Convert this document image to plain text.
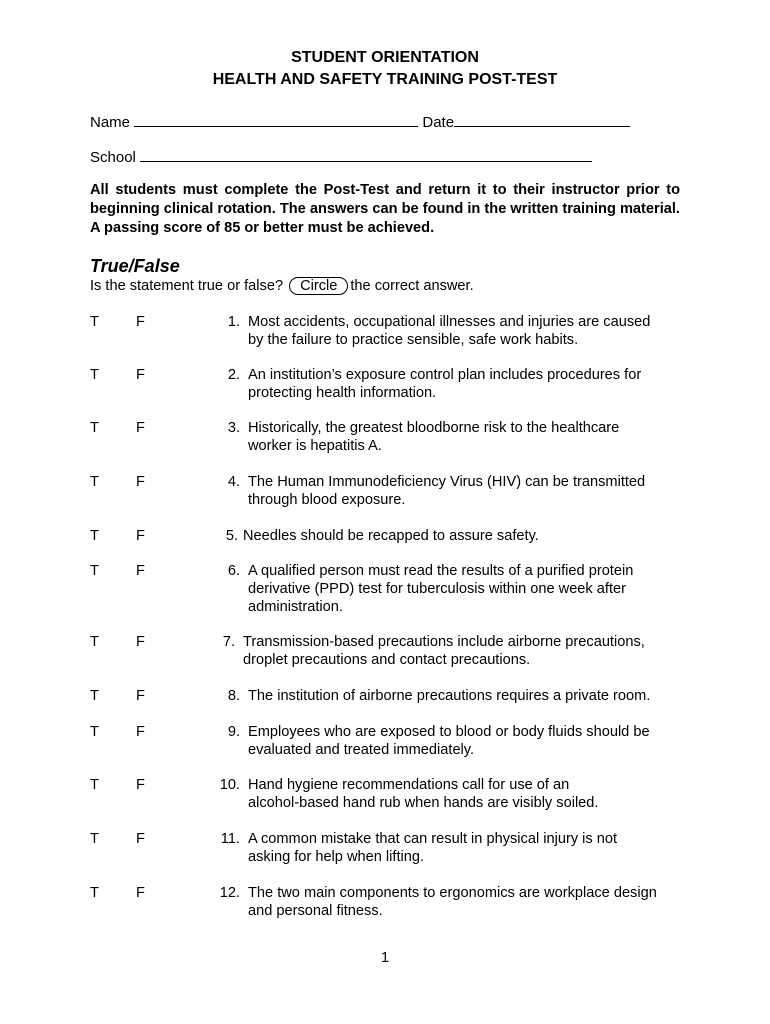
STUDENT ORIENTATION
HEALTH AND SAFETY TRAINING POST-TEST
Name	Date
School

All students must complete the Post-Test and return it to their instructor prior to beginning clinical rotation. The answers can be found in the written training material. A passing score of 85 or better must be achieved.

True/False
Is the statement true or false? Circle the correct answer.
T	F	1. Most accidents, occupational illnesses and injuries are caused
by the failure to practice sensible, safe work habits.
T	F	2. An institution’s exposure control plan includes procedures for
protecting health information.
T	F	3. Historically, the greatest bloodborne risk to the healthcare
worker is hepatitis A.
T	F	4. The Human Immunodeficiency Virus (HIV) can be transmitted
through blood exposure.
T	F	5. Needles should be recapped to assure safety.
T	F	6. A qualified person must read the results of a purified protein
derivative (PPD) test for tuberculosis within one week after
administration.
T	F	7. Transmission-based precautions include airborne precautions,
droplet precautions and contact precautions.
T	F	8. The institution of airborne precautions requires a private room.
T	F	9. Employees who are exposed to blood or body fluids should be
evaluated and treated immediately.
T	F	10. Hand hygiene recommendations call for use of an
alcohol-based hand rub when hands are visibly soiled.
T	F	11. A common mistake that can result in physical injury is not
asking for help when lifting.
T	F	12. The two main components to ergonomics are workplace design
and personal fitness.
1
